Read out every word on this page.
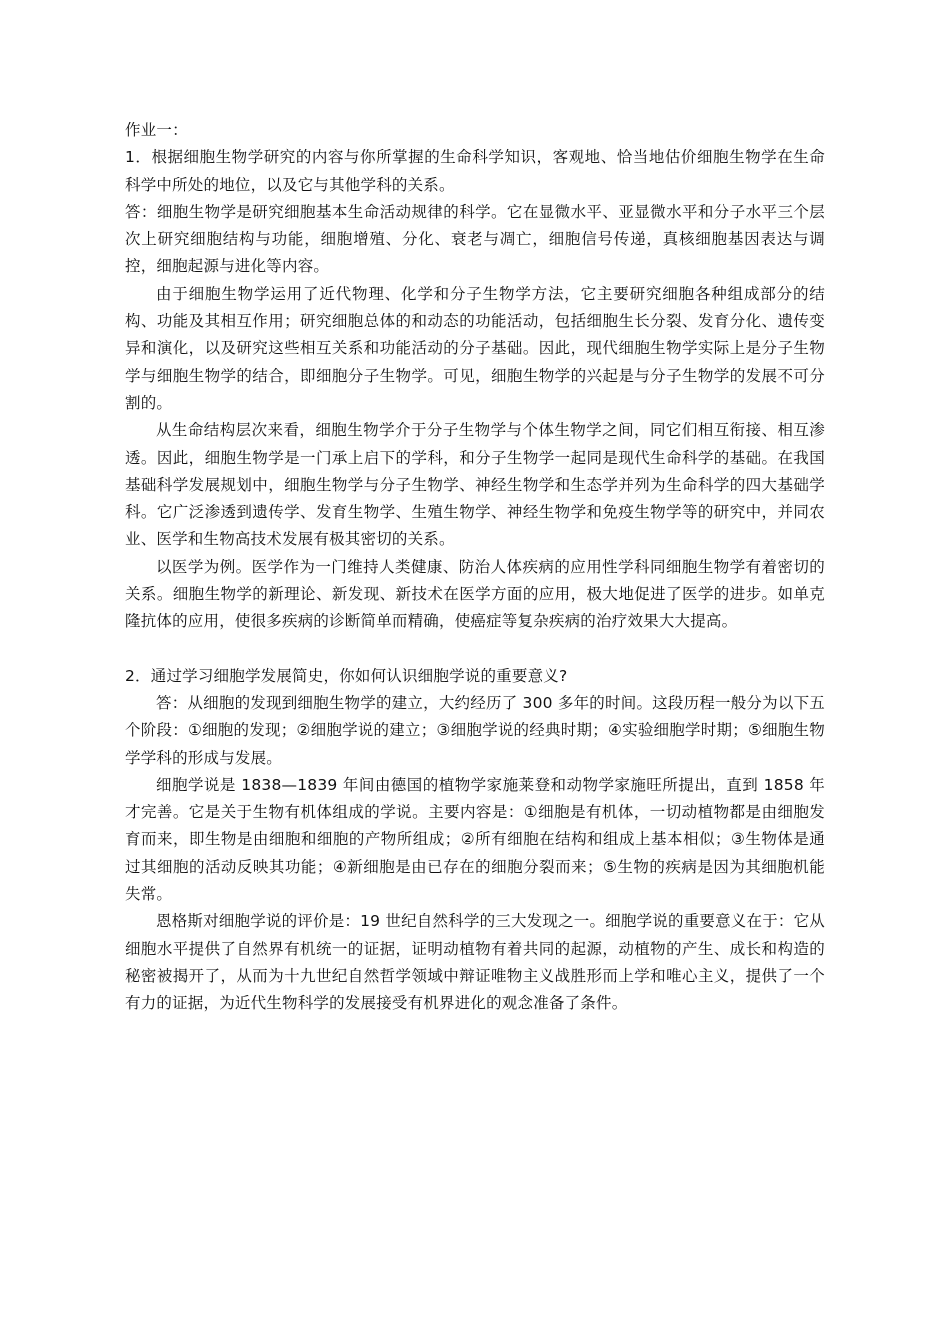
作业一：

1．根据细胞生物学研究的内容与你所掌握的生命科学知识，客观地、恰当地估价细胞生物学在生命科学中所处的地位，以及它与其他学科的关系。

答：细胞生物学是研究细胞基本生命活动规律的科学。它在显微水平、亚显微水平和分子水平三个层次上研究细胞结构与功能，细胞增殖、分化、衰老与凋亡，细胞信号传递，真核细胞基因表达与调控，细胞起源与进化等内容。

由于细胞生物学运用了近代物理、化学和分子生物学方法，它主要研究细胞各种组成部分的结构、功能及其相互作用；研究细胞总体的和动态的功能活动，包括细胞生长分裂、发育分化、遗传变异和演化，以及研究这些相互关系和功能活动的分子基础。因此，现代细胞生物学实际上是分子生物学与细胞生物学的结合，即细胞分子生物学。可见，细胞生物学的兴起是与分子生物学的发展不可分割的。

从生命结构层次来看，细胞生物学介于分子生物学与个体生物学之间，同它们相互衔接、相互渗透。因此，细胞生物学是一门承上启下的学科，和分子生物学一起同是现代生命科学的基础。在我国基础科学发展规划中，细胞生物学与分子生物学、神经生物学和生态学并列为生命科学的四大基础学科。它广泛渗透到遗传学、发育生物学、生殖生物学、神经生物学和免疫生物学等的研究中，并同农业、医学和生物高技术发展有极其密切的关系。

以医学为例。医学作为一门维持人类健康、防治人体疾病的应用性学科同细胞生物学有着密切的关系。细胞生物学的新理论、新发现、新技术在医学方面的应用，极大地促进了医学的进步。如单克隆抗体的应用，使很多疾病的诊断简单而精确，使癌症等复杂疾病的治疗效果大大提高。

2．通过学习细胞学发展简史，你如何认识细胞学说的重要意义?

答：从细胞的发现到细胞生物学的建立，大约经历了 300 多年的时间。这段历程一般分为以下五个阶段：①细胞的发现；②细胞学说的建立；③细胞学说的经典时期；④实验细胞学时期；⑤细胞生物学学科的形成与发展。

细胞学说是 1838—1839 年间由德国的植物学家施莱登和动物学家施旺所提出，直到 1858 年才完善。它是关于生物有机体组成的学说。主要内容是：①细胞是有机体，一切动植物都是由细胞发育而来，即生物是由细胞和细胞的产物所组成；②所有细胞在结构和组成上基本相似；③生物体是通过其细胞的活动反映其功能；④新细胞是由已存在的细胞分裂而来；⑤生物的疾病是因为其细胞机能失常。

恩格斯对细胞学说的评价是：19 世纪自然科学的三大发现之一。细胞学说的重要意义在于：它从细胞水平提供了自然界有机统一的证据，证明动植物有着共同的起源，动植物的产生、成长和构造的秘密被揭开了，从而为十九世纪自然哲学领域中辩证唯物主义战胜形而上学和唯心主义，提供了一个有力的证据，为近代生物科学的发展接受有机界进化的观念准备了条件。
